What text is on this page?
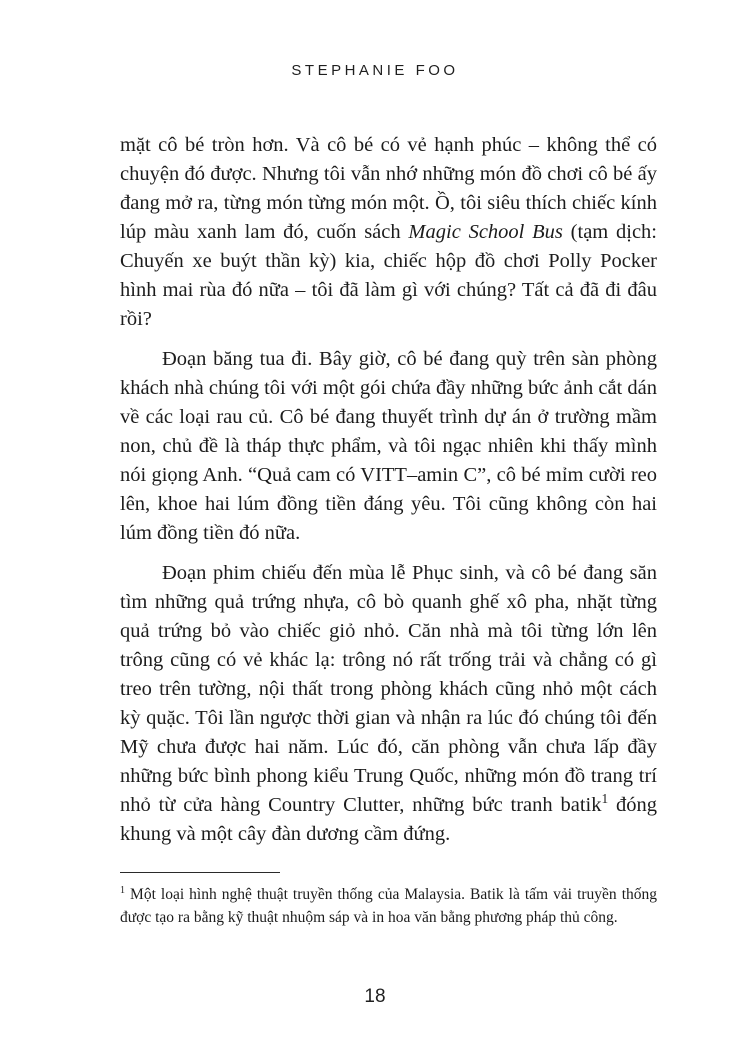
STEPHANIE FOO

mặt cô bé tròn hơn. Và cô bé có vẻ hạnh phúc – không thể có chuyện đó được. Nhưng tôi vẫn nhớ những món đồ chơi cô bé ấy đang mở ra, từng món từng món một. Ồ, tôi siêu thích chiếc kính lúp màu xanh lam đó, cuốn sách Magic School Bus (tạm dịch: Chuyến xe buýt thần kỳ) kia, chiếc hộp đồ chơi Polly Pocker hình mai rùa đó nữa – tôi đã làm gì với chúng? Tất cả đã đi đâu rồi?

Đoạn băng tua đi. Bây giờ, cô bé đang quỳ trên sàn phòng khách nhà chúng tôi với một gói chứa đầy những bức ảnh cắt dán về các loại rau củ. Cô bé đang thuyết trình dự án ở trường mầm non, chủ đề là tháp thực phẩm, và tôi ngạc nhiên khi thấy mình nói giọng Anh. “Quả cam có VITT–amin C”, cô bé mỉm cười reo lên, khoe hai lúm đồng tiền đáng yêu. Tôi cũng không còn hai lúm đồng tiền đó nữa.

Đoạn phim chiếu đến mùa lễ Phục sinh, và cô bé đang săn tìm những quả trứng nhựa, cô bò quanh ghế xô pha, nhặt từng quả trứng bỏ vào chiếc giỏ nhỏ. Căn nhà mà tôi từng lớn lên trông cũng có vẻ khác lạ: trông nó rất trống trải và chẳng có gì treo trên tường, nội thất trong phòng khách cũng nhỏ một cách kỳ quặc. Tôi lần ngược thời gian và nhận ra lúc đó chúng tôi đến Mỹ chưa được hai năm. Lúc đó, căn phòng vẫn chưa lấp đầy những bức bình phong kiểu Trung Quốc, những món đồ trang trí nhỏ từ cửa hàng Country Clutter, những bức tranh batik$^1$ đóng khung và một cây đàn dương cầm đứng.

$^1$ Một loại hình nghệ thuật truyền thống của Malaysia. Batik là tấm vải truyền thống được tạo ra bằng kỹ thuật nhuộm sáp và in hoa văn bằng phương pháp thủ công.
18
